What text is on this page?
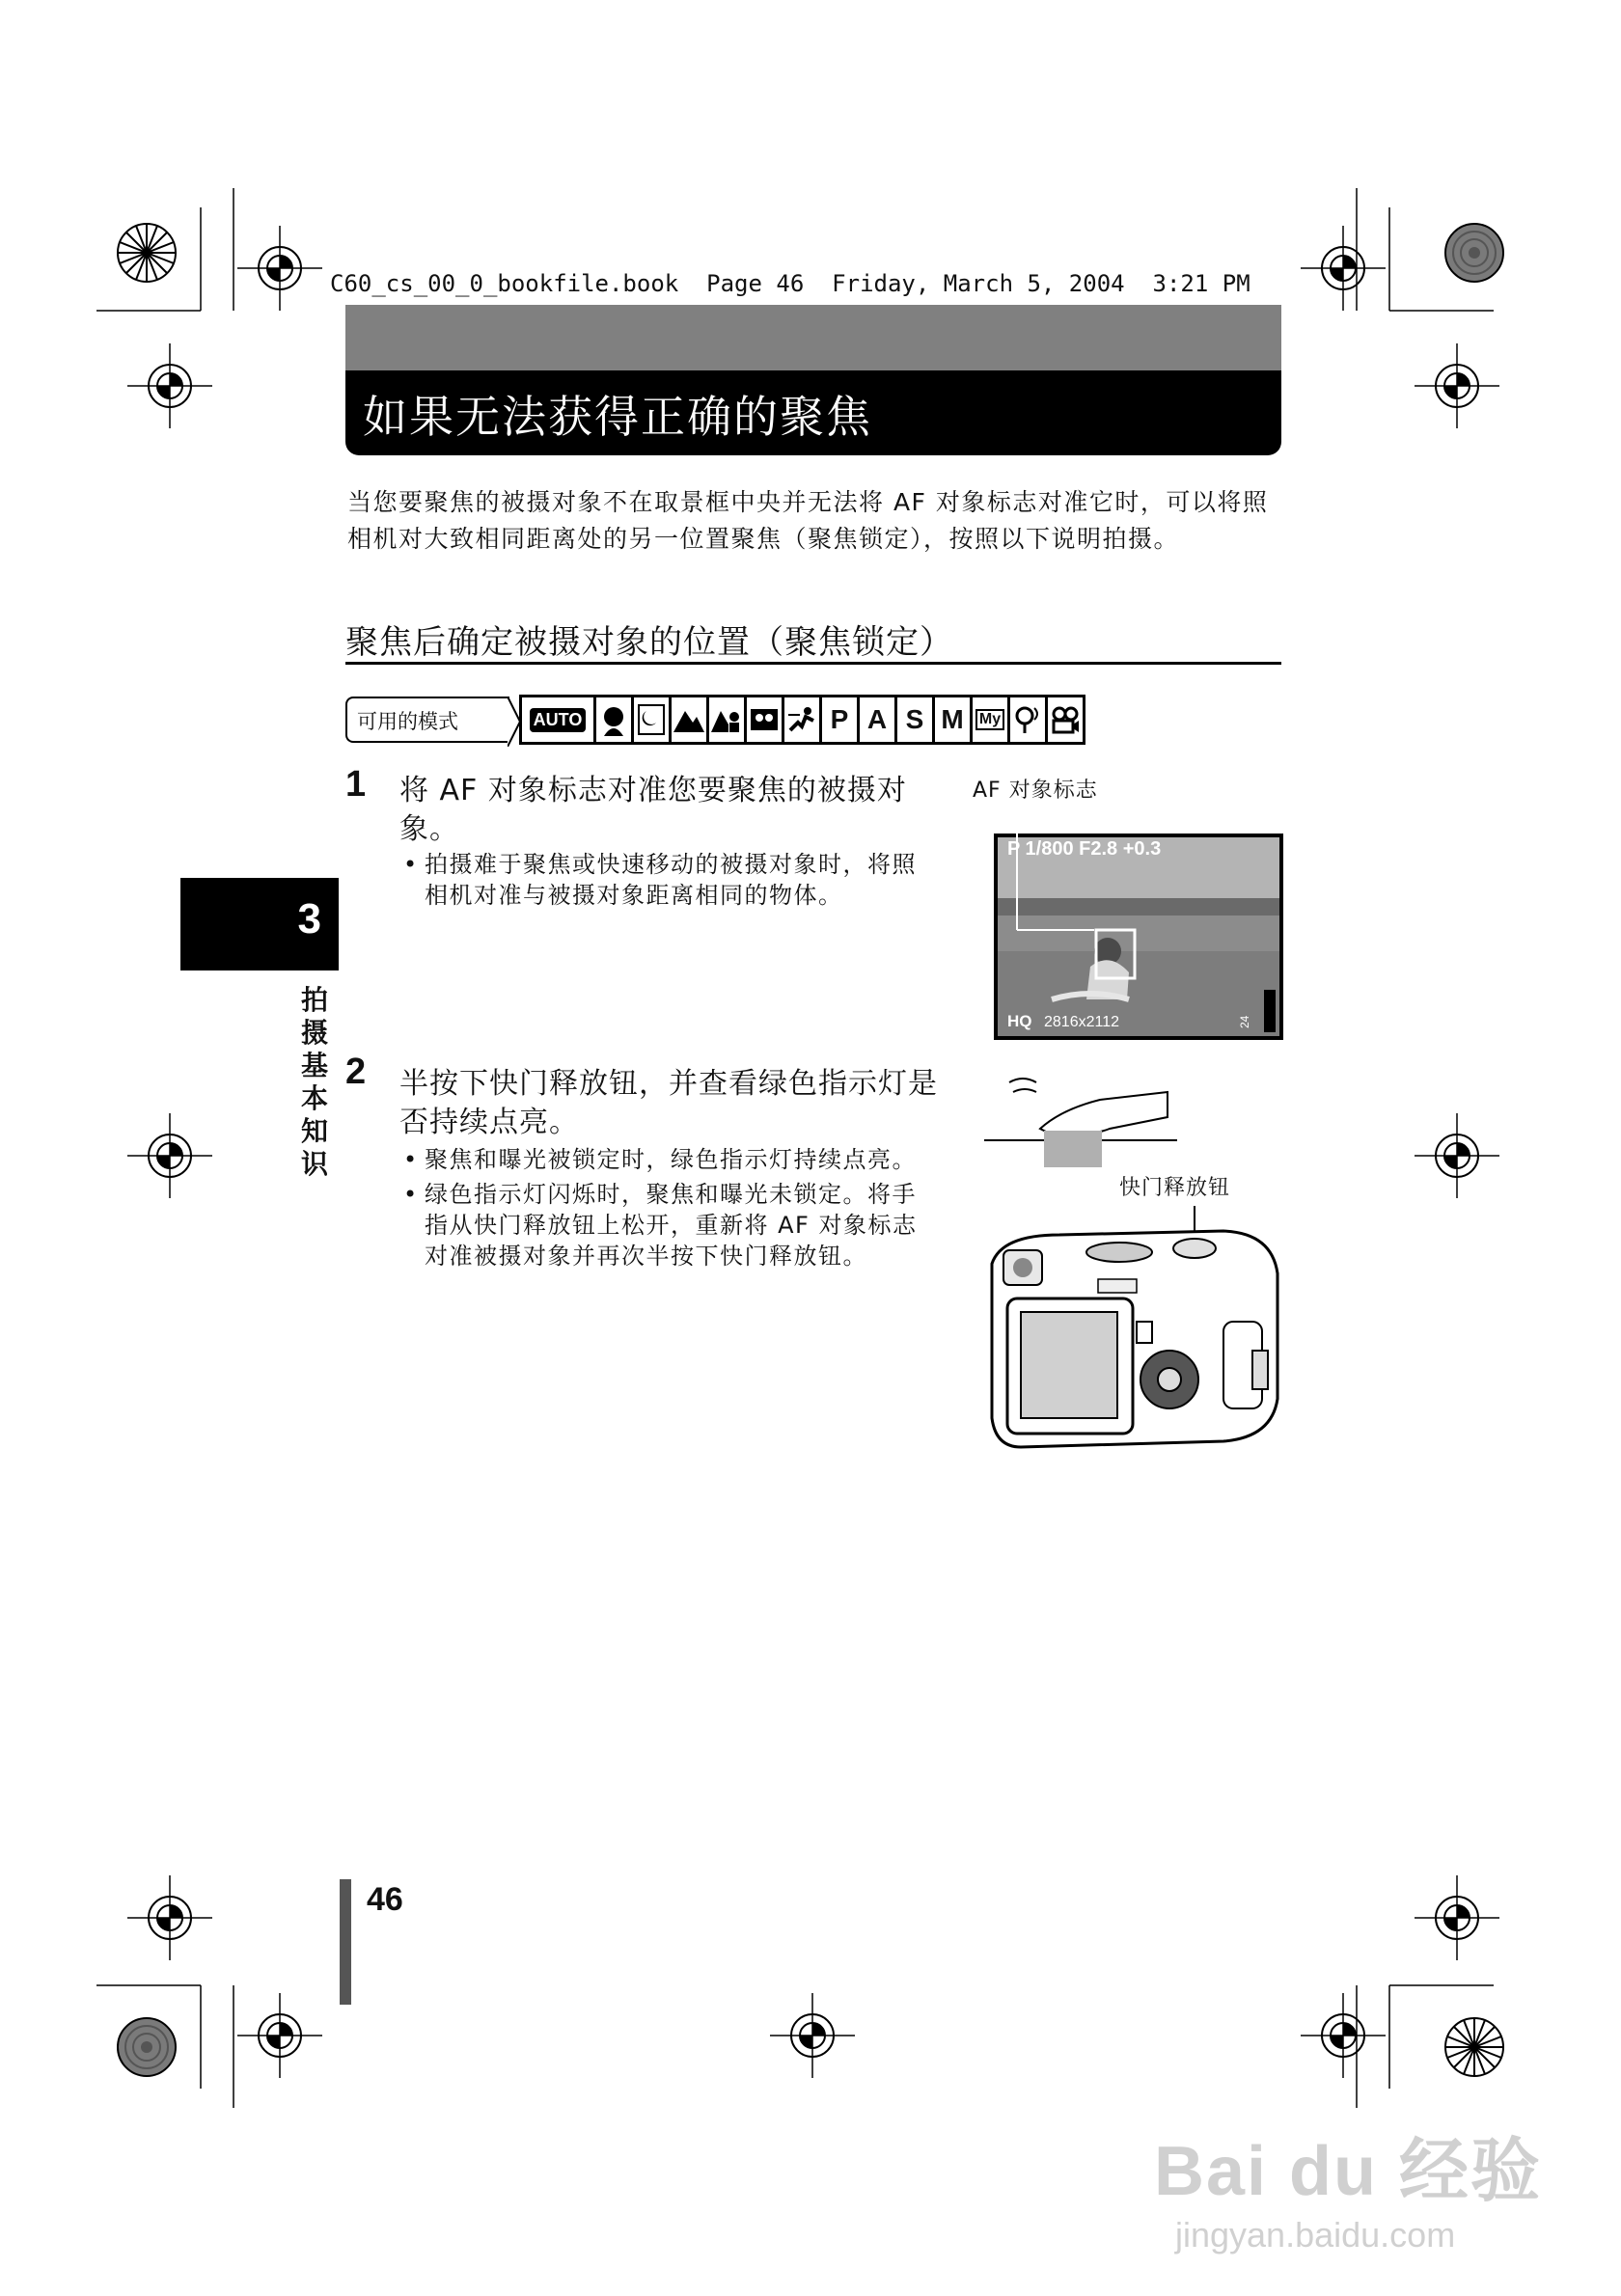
C60_cs_00_0_bookfile.book  Page 46  Friday, March 5, 2004  3:21 PM
如果无法获得正确的聚焦
当您要聚焦的被摄对象不在取景框中央并无法将 AF 对象标志对准它时，可以将照相机对大致相同距离处的另一位置聚焦（聚焦锁定），按照以下说明拍摄。
聚焦后确定被摄对象的位置（聚焦锁定）
可用的模式	AUTO	P A S M My
1 将 AF 对象标志对准您要聚焦的被摄对象。
• 拍摄难于聚焦或快速移动的被摄对象时，将照相机对准与被摄对象距离相同的物体。
AF 对象标志
P 1/800 F2.8 +0.3
HQ 2816x2112	24
2 半按下快门释放钮，并查看绿色指示灯是否持续点亮。
• 聚焦和曝光被锁定时，绿色指示灯持续点亮。
• 绿色指示灯闪烁时，聚焦和曝光未锁定。将手指从快门释放钮上松开，重新将 AF 对象标志对准被摄对象并再次半按下快门释放钮。
快门释放钮
3
拍摄基本知识
46
Bai du 经验
jingyan.baidu.com
